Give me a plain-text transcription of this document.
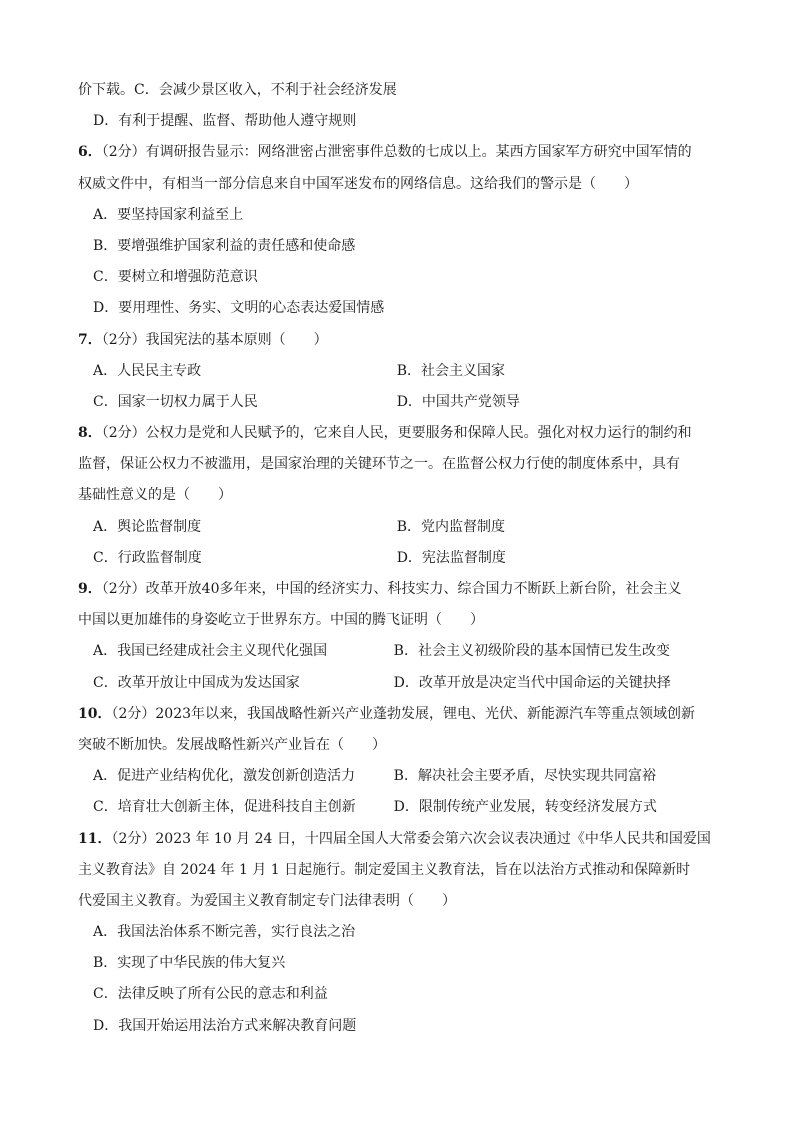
价下载。C．会减少景区收入，不利于社会经济发展
D．有利于提醒、监督、帮助他人遵守规则
6．（2分）有调研报告显示：网络泄密占泄密事件总数的七成以上。某西方国家军方研究中国军情的
权威文件中，有相当一部分信息来自中国军迷发布的网络信息。这给我们的警示是（　　）
A．要坚持国家利益至上
B．要增强维护国家利益的责任感和使命感
C．要树立和增强防范意识
D．要用理性、务实、文明的心态表达爱国情感
7．（2分）我国宪法的基本原则（　　）
A．人民民主专政	B．社会主义国家
C．国家一切权力属于人民	D．中国共产党领导
8．（2分）公权力是党和人民赋予的，它来自人民，更要服务和保障人民。强化对权力运行的制约和
监督，保证公权力不被滥用，是国家治理的关键环节之一。在监督公权力行使的制度体系中，具有
基础性意义的是（　　）
A．舆论监督制度	B．党内监督制度
C．行政监督制度	D．宪法监督制度
9．（2分）改革开放40多年来，中国的经济实力、科技实力、综合国力不断跃上新台阶，社会主义
中国以更加雄伟的身姿屹立于世界东方。中国的腾飞证明（　　）
A．我国已经建成社会主义现代化强国	B．社会主义初级阶段的基本国情已发生改变
C．改革开放让中国成为发达国家	D．改革开放是决定当代中国命运的关键抉择
10．（2分）2023年以来，我国战略性新兴产业蓬勃发展，锂电、光伏、新能源汽车等重点领域创新
突破不断加快。发展战略性新兴产业旨在（　　）
A．促进产业结构优化，激发创新创造活力	B．解决社会主要矛盾，尽快实现共同富裕
C．培育壮大创新主体，促进科技自主创新	D．限制传统产业发展，转变经济发展方式
11．（2分）2023 年 10 月 24 日，十四届全国人大常委会第六次会议表决通过《中华人民共和国爱国
主义教育法》自 2024 年 1 月 1 日起施行。制定爱国主义教育法，旨在以法治方式推动和保障新时
代爱国主义教育。为爱国主义教育制定专门法律表明（　　）
A．我国法治体系不断完善，实行良法之治
B．实现了中华民族的伟大复兴
C．法律反映了所有公民的意志和利益
D．我国开始运用法治方式来解决教育问题
